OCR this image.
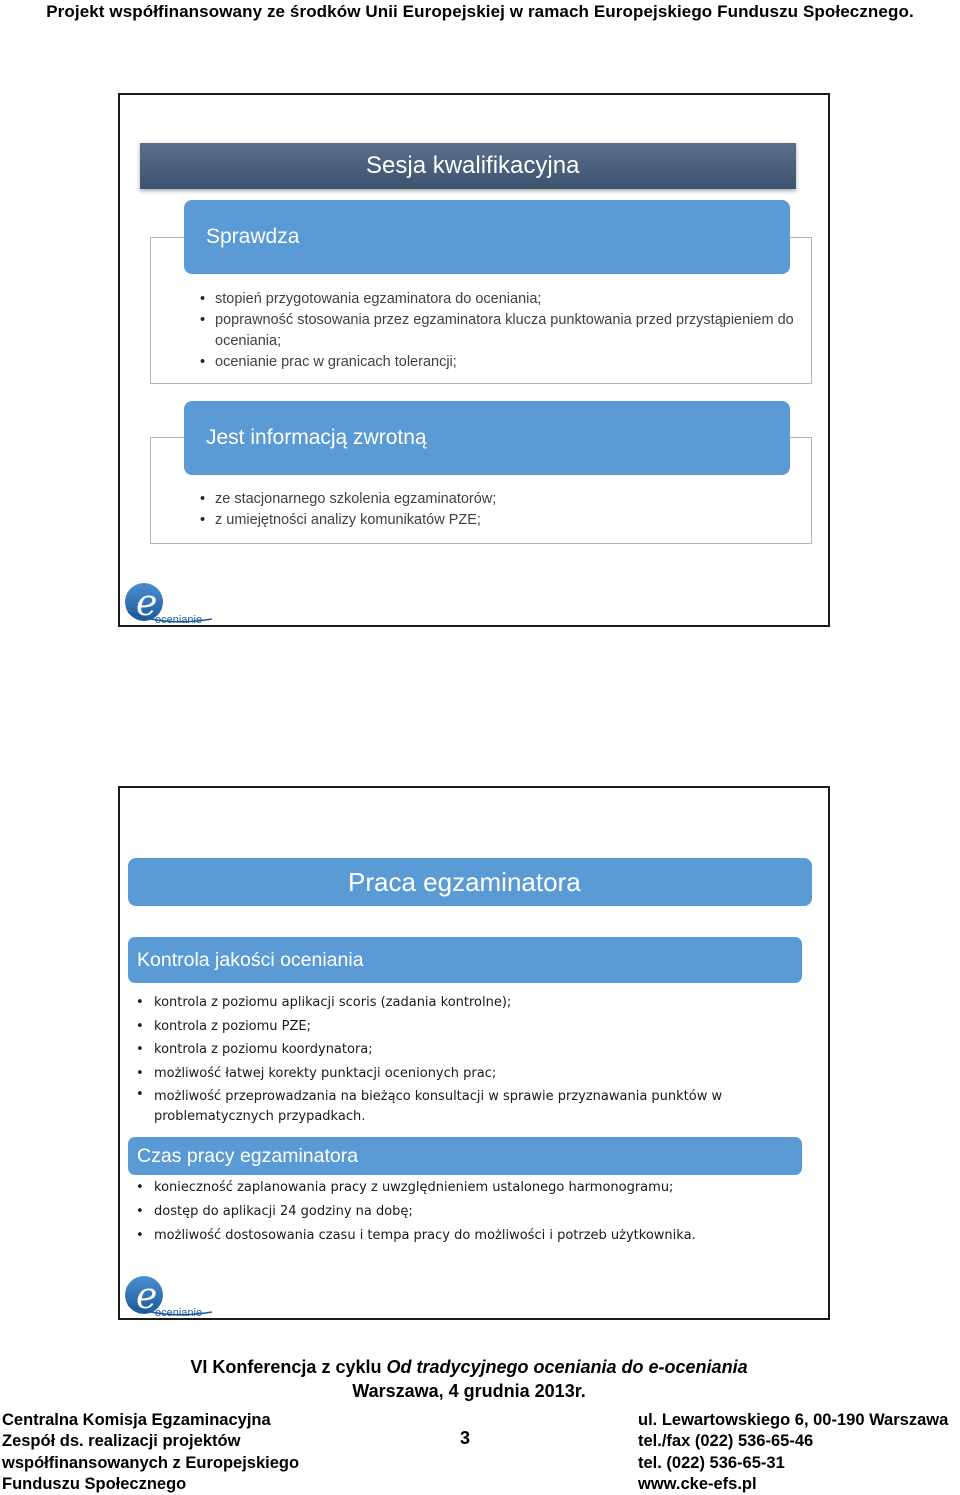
Projekt współfinansowany ze środków Unii Europejskiej w ramach Europejskiego Funduszu Społecznego.
Sesja kwalifikacyjna
Sprawdza
• stopień przygotowania egzaminatora do oceniania;
• poprawność stosowania przez egzaminatora klucza punktowania przed przystąpieniem do oceniania;
• ocenianie prac w granicach tolerancji;
Jest informacją zwrotną
• ze stacjonarnego szkolenia egzaminatorów;
• z umiejętności analizy komunikatów PZE;
e
ocenianie
Praca egzaminatora
Kontrola jakości oceniania
• kontrola z poziomu aplikacji scoris (zadania kontrolne);
• kontrola z poziomu PZE;
• kontrola z poziomu koordynatora;
• możliwość łatwej korekty punktacji ocenionych prac;
• możliwość przeprowadzania na bieżąco konsultacji w sprawie przyznawania punktów w problematycznych przypadkach.
Czas pracy egzaminatora
• konieczność zaplanowania pracy z uwzględnieniem ustalonego harmonogramu;
• dostęp do aplikacji 24 godziny na dobę;
• możliwość dostosowania czasu i tempa pracy do możliwości i potrzeb użytkownika.
e
ocenianie
VI Konferencja z cyklu Od tradycyjnego oceniania do e-oceniania
Warszawa, 4 grudnia 2013r.
Centralna Komisja Egzaminacyjna
Zespół ds. realizacji projektów
współfinansowanych z Europejskiego
Funduszu Społecznego
3
ul. Lewartowskiego 6, 00-190 Warszawa
tel./fax (022) 536-65-46
tel. (022) 536-65-31
www.cke-efs.pl
